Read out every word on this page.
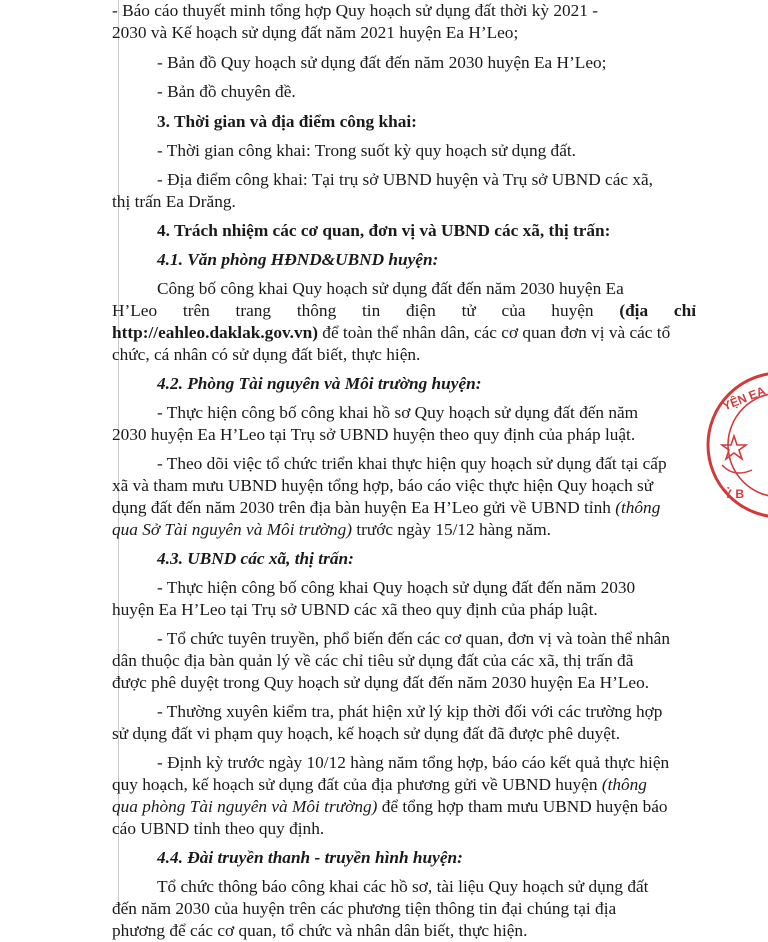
- Báo cáo thuyết minh tổng hợp Quy hoạch sử dụng đất thời kỳ 2021 -
2030 và Kế hoạch sử dụng đất năm 2021 huyện Ea H’Leo;
- Bản đồ Quy hoạch sử dụng đất đến năm 2030 huyện Ea H’Leo;
- Bản đồ chuyên đề.
3. Thời gian và địa điểm công khai:
- Thời gian công khai: Trong suốt kỳ quy hoạch sử dụng đất.
- Địa điểm công khai: Tại trụ sở UBND huyện và Trụ sở UBND các xã,
thị trấn Ea Drăng.
4. Trách nhiệm các cơ quan, đơn vị và UBND các xã, thị trấn:
4.1. Văn phòng HĐND&UBND huyện:
Công bố công khai Quy hoạch sử dụng đất đến năm 2030 huyện Ea
H’Leo trên trang thông tin điện tử của huyện (địa chỉ
http://eahleo.daklak.gov.vn) để toàn thể nhân dân, các cơ quan đơn vị và các tổ
chức, cá nhân có sử dụng đất biết, thực hiện.
4.2. Phòng Tài nguyên và Môi trường huyện:
- Thực hiện công bố công khai hồ sơ Quy hoạch sử dụng đất đến năm
2030 huyện Ea H’Leo tại Trụ sở UBND huyện theo quy định của pháp luật.
- Theo dõi việc tổ chức triển khai thực hiện quy hoạch sử dụng đất tại cấp
xã và tham mưu UBND huyện tổng hợp, báo cáo việc thực hiện Quy hoạch sử
dụng đất đến năm 2030 trên địa bàn huyện Ea H’Leo gửi về UBND tỉnh (thông
qua Sở Tài nguyên và Môi trường) trước ngày 15/12 hàng năm.
4.3. UBND các xã, thị trấn:
- Thực hiện công bố công khai Quy hoạch sử dụng đất đến năm 2030
huyện Ea H’Leo tại Trụ sở UBND các xã theo quy định của pháp luật.
- Tổ chức tuyên truyền, phổ biến đến các cơ quan, đơn vị và toàn thể nhân
dân thuộc địa bàn quản lý về các chỉ tiêu sử dụng đất của các xã, thị trấn đã
được phê duyệt trong Quy hoạch sử dụng đất đến năm 2030 huyện Ea H’Leo.
- Thường xuyên kiểm tra, phát hiện xử lý kịp thời đối với các trường hợp
sử dụng đất vi phạm quy hoạch, kế hoạch sử dụng đất đã được phê duyệt.
- Định kỳ trước ngày 10/12 hàng năm tổng hợp, báo cáo kết quả thực hiện
quy hoạch, kế hoạch sử dụng đất của địa phương gửi về UBND huyện (thông
qua phòng Tài nguyên và Môi trường) để tổng hợp tham mưu UBND huyện báo
cáo UBND tỉnh theo quy định.
4.4. Đài truyền thanh - truyền hình huyện:
Tổ chức thông báo công khai các hồ sơ, tài liệu Quy hoạch sử dụng đất
đến năm 2030 của huyện trên các phương tiện thông tin đại chúng tại địa
phương để các cơ quan, tổ chức và nhân dân biết, thực hiện.
YỆN EA
Ỷ B
